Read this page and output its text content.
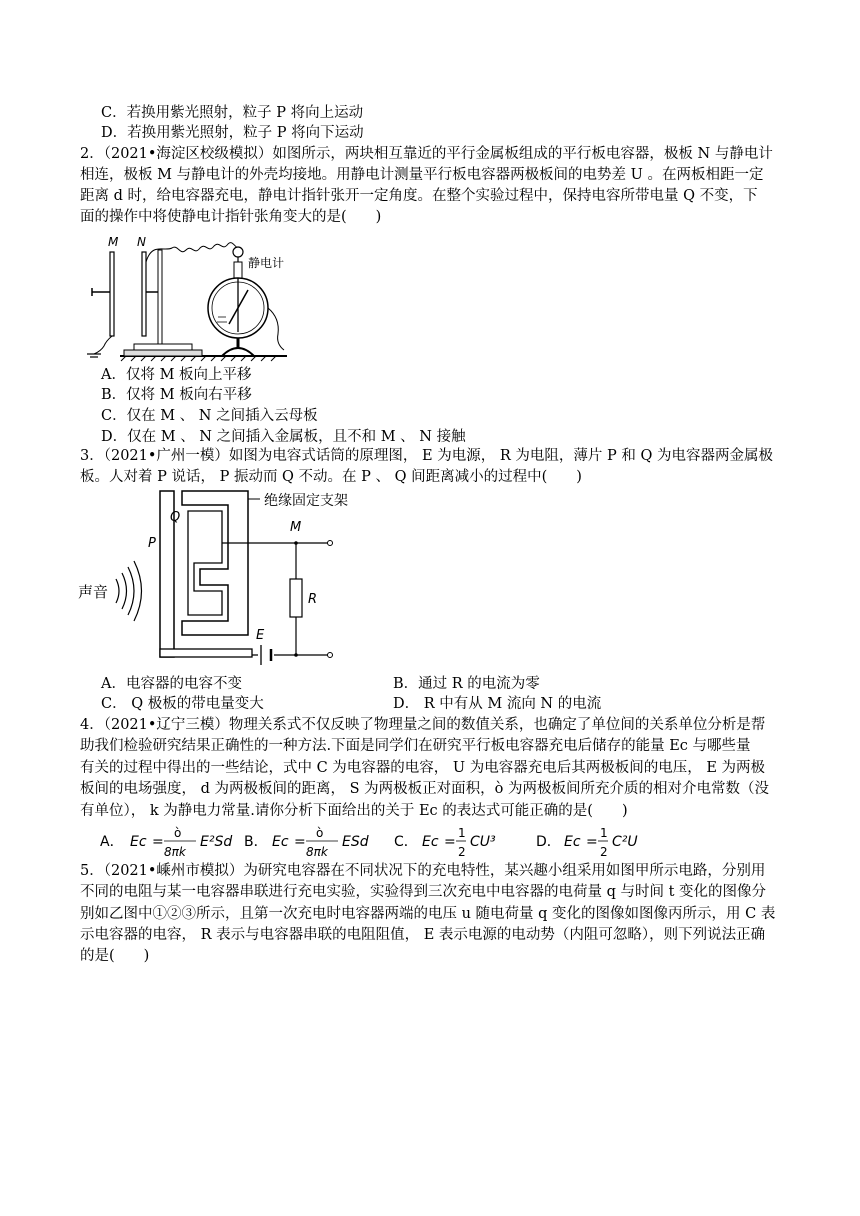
C．若换用紫光照射，粒子 P 将向上运动
D．若换用紫光照射，粒子 P 将向下运动
2．（2021•海淀区校级模拟）如图所示，两块相互靠近的平行金属板组成的平行板电容器，极板 N 与静电计
相连，极板 M 与静电计的外壳均接地。用静电计测量平行板电容器两极板间的电势差 U 。在两板相距一定
距离 d 时，给电容器充电，静电计指针张开一定角度。在整个实验过程中，保持电容所带电量 Q 不变，下
面的操作中将使静电计指针张角变大的是(　　)
M N
静电计
A．仅将 M 板向上平移
B．仅将 M 板向右平移
C．仅在 M 、 N 之间插入云母板
D．仅在 M 、 N 之间插入金属板，且不和 M 、 N 接触
3．（2021•广州一模）如图为电容式话筒的原理图， E 为电源， R 为电阻，薄片 P 和 Q 为电容器两金属极
板。人对着 P 说话， P 振动而 Q 不动。在 P 、 Q 间距离减小的过程中(　　)
绝缘固定支架
Q
P
M
R
E
声音
A．电容器的电容不变	B．通过 R 的电流为零
C． Q 极板的带电量变大	D． R 中有从 M 流向 N 的电流
4．（2021•辽宁三模）物理关系式不仅反映了物理量之间的数值关系，也确定了单位间的关系单位分析是帮
助我们检验研究结果正确性的一种方法.下面是同学们在研究平行板电容器充电后储存的能量 Ec 与哪些量
有关的过程中得出的一些结论，式中 C 为电容器的电容， U 为电容器充电后其两极板间的电压， E 为两极
板间的电场强度， d 为两极板间的距离， S 为两极板正对面积，ò 为两极板间所充介质的相对介电常数（没
有单位）， k 为静电力常量.请你分析下面给出的关于 Ec 的表达式可能正确的是(　　)
A． Ec =
ò
8πk
E²Sd B． Ec =
ò
8πk
ESd C． Ec =
1
2
CU³	D． Ec =
1
2
C²U
5．（2021•嵊州市模拟）为研究电容器在不同状况下的充电特性，某兴趣小组采用如图甲所示电路，分别用
不同的电阻与某一电容器串联进行充电实验，实验得到三次充电中电容器的电荷量 q 与时间 t 变化的图像分
别如乙图中①②③所示，且第一次充电时电容器两端的电压 u 随电荷量 q 变化的图像如图像丙所示，用 C 表
示电容器的电容， R 表示与电容器串联的电阻阻值， E 表示电源的电动势（内阻可忽略），则下列说法正确
的是(　　)
